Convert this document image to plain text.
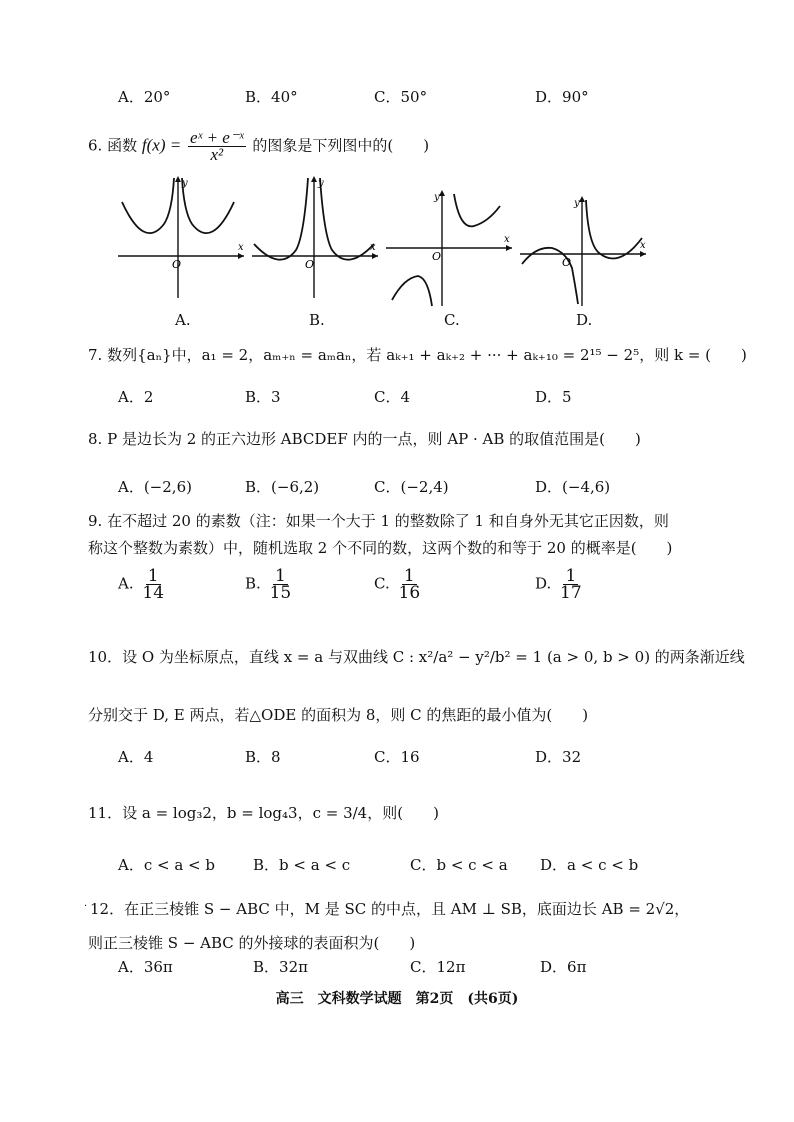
A．20°	B．40°	C．50°	D．90°
6. 函数 $f(x) = \frac{\text{eˣ + e⁻ˣ}}{\text{x²}}$ 的图象是下列图中的(　　)
O
x
y
O
x
y
O
x
y
O
x
y
A.	B.	C.	D.
7. 数列{aₙ}中，a₁ = 2，aₘ₊ₙ = aₘaₙ，若 aₖ₊₁ + aₖ₊₂ + ··· + aₖ₊₁₀ = 2¹⁵ − 2⁵，则 k = (　　)
A．2	B．3	C．4	D．5
8. P 是边长为 2 的正六边形 ABCDEF 内的一点，则 AP · AB 的取值范围是(　　)
A．(−2,6)	B．(−6,2)	C．(−2,4)	D．(−4,6)
9. 在不超过 20 的素数（注：如果一个大于 1 的整数除了 1 和自身外无其它正因数，则
称这个整数为素数）中，随机选取 2 个不同的数，这两个数的和等于 20 的概率是(　　)
A. $\frac{1}{14}$	B. $\frac{1}{15}$	C. $\frac{1}{16}$	D. $\frac{1}{17}$
10．设 O 为坐标原点，直线 x = a 与双曲线 C : x²/a² − y²/b² = 1 (a > 0, b > 0) 的两条渐近线
分别交于 D, E 两点，若△ODE 的面积为 8，则 C 的焦距的最小值为(　　)
A．4	B．8	C．16	D．32
11．设 a = log₃2，b = log₄3，c = 3/4，则(　　)
A．c < a < b	B．b < a < c	C．b < c < a D．a < c < b
· 12．在正三棱锥 S − ABC 中，M 是 SC 的中点，且 AM ⊥ SB，底面边长 AB = 2√2，
则正三棱锥 S − ABC 的外接球的表面积为(　　)
A．36π	B．32π	C．12π	D．6π
高三　文科数学试题　第2页　(共6页)
